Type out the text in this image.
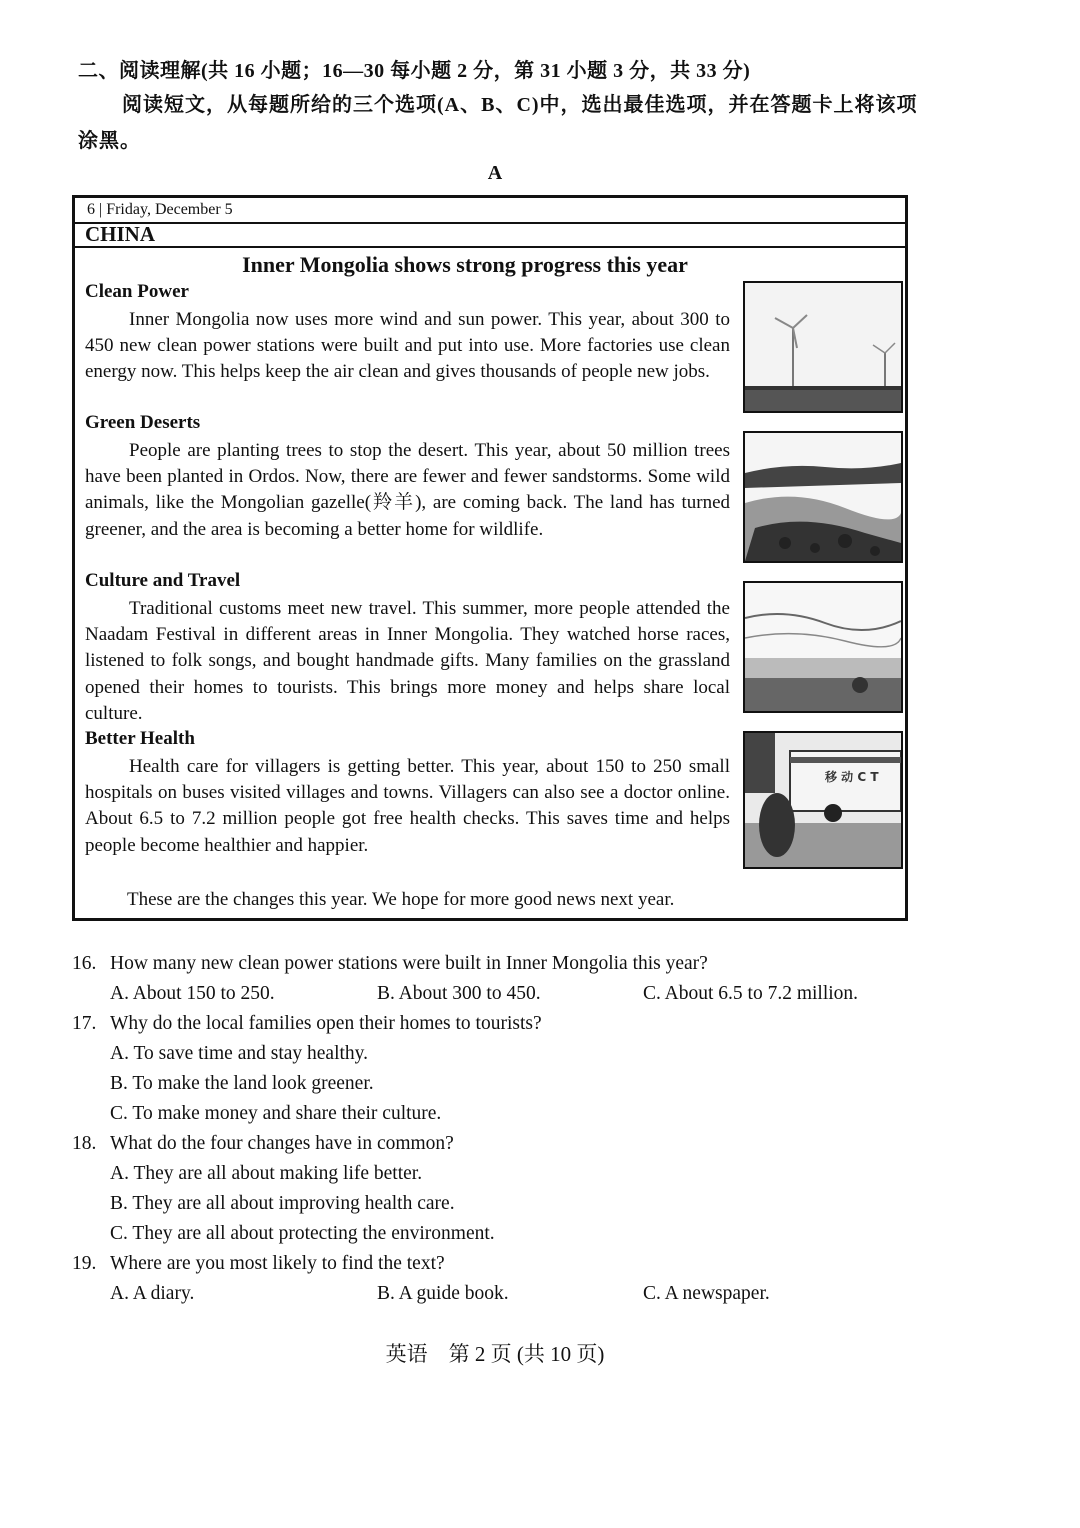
二、阅读理解(共 16 小题；16—30 每小题 2 分，第 31 小题 3 分，共 33 分)
阅读短文，从每题所给的三个选项(A、B、C)中，选出最佳选项，并在答题卡上将该项
涂黑。
A
6 | Friday, December 5
CHINA
Inner Mongolia shows strong progress this year
Clean Power

Inner Mongolia now uses more wind and sun power. This year, about 300 to 450 new clean power stations were built and put into use. More factories use clean energy now. This helps keep the air clean and gives thousands of people new jobs.

Green Deserts

People are planting trees to stop the desert. This year, about 50 million trees have been planted in Ordos. Now, there are fewer and fewer sandstorms. Some wild animals, like the Mongolian gazelle(羚羊), are coming back. The land has turned greener, and the area is becoming a better home for wildlife.

Culture and Travel

Traditional customs meet new travel. This summer, more people attended the Naadam Festival in different areas in Inner Mongolia. They watched horse races, listened to folk songs, and bought handmade gifts. Many families on the grassland opened their homes to tourists. This brings more money and helps share local culture.

Better Health

Health care for villagers is getting better. This year, about 150 to 250 small hospitals on buses visited villages and towns. Villagers can also see a doctor online. About 6.5 to 7.2 million people got free health checks. This saves time and helps people become healthier and happier.

These are the changes this year. We hope for more good news next year.
移 动 C T
16. How many new clean power stations were built in Inner Mongolia this year?
A. About 150 to 250.	B. About 300 to 450.	C. About 6.5 to 7.2 million.
17. Why do the local families open their homes to tourists?
A. To save time and stay healthy.
B. To make the land look greener.
C. To make money and share their culture.
18. What do the four changes have in common?
A. They are all about making life better.
B. They are all about improving health care.
C. They are all about protecting the environment.
19. Where are you most likely to find the text?
A. A diary.	B. A guide book.	C. A newspaper.
英语　第 2 页 (共 10 页)
